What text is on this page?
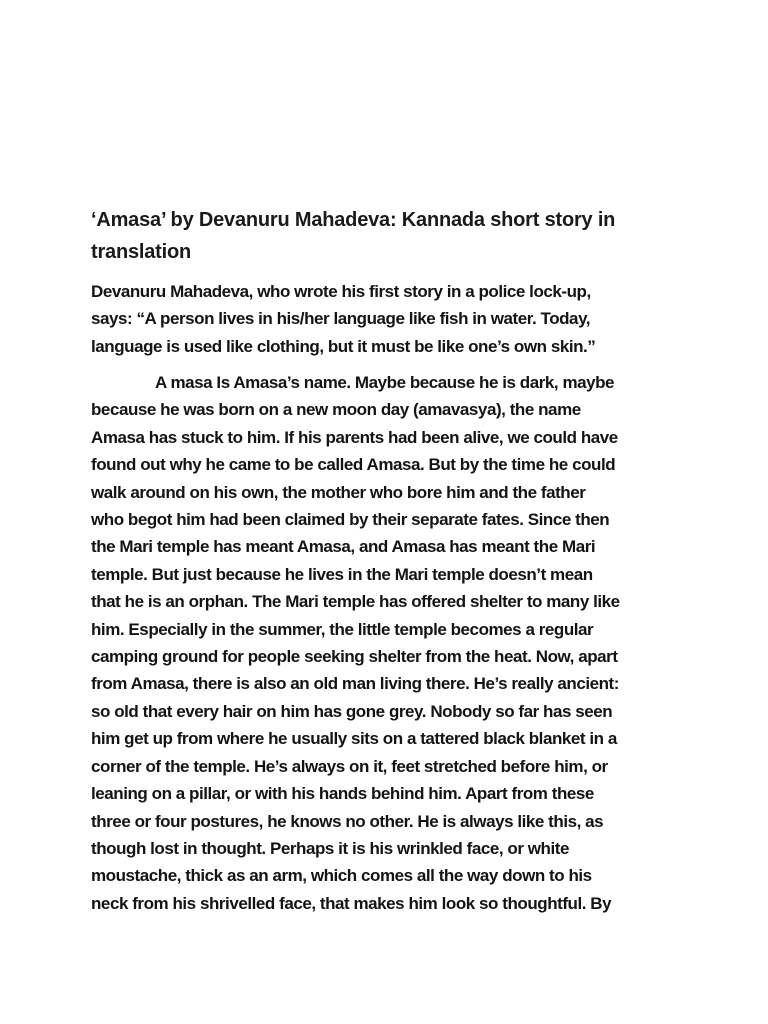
‘Amasa’ by Devanuru Mahadeva: Kannada short story in
translation

Devanuru Mahadeva, who wrote his first story in a police lock-up,
says: “A person lives in his/her language like fish in water. Today,
language is used like clothing, but it must be like one’s own skin.”

A masa Is Amasa’s name. Maybe because he is dark, maybe
because he was born on a new moon day (amavasya), the name
Amasa has stuck to him. If his parents had been alive, we could have
found out why he came to be called Amasa. But by the time he could
walk around on his own, the mother who bore him and the father
who begot him had been claimed by their separate fates. Since then
the Mari temple has meant Amasa, and Amasa has meant the Mari
temple. But just because he lives in the Mari temple doesn’t mean
that he is an orphan. The Mari temple has offered shelter to many like
him. Especially in the summer, the little temple becomes a regular
camping ground for people seeking shelter from the heat. Now, apart
from Amasa, there is also an old man living there. He’s really ancient:
so old that every hair on him has gone grey. Nobody so far has seen
him get up from where he usually sits on a tattered black blanket in a
corner of the temple. He’s always on it, feet stretched before him, or
leaning on a pillar, or with his hands behind him. Apart from these
three or four postures, he knows no other. He is always like this, as
though lost in thought. Perhaps it is his wrinkled face, or white
moustache, thick as an arm, which comes all the way down to his
neck from his shrivelled face, that makes him look so thoughtful. By
